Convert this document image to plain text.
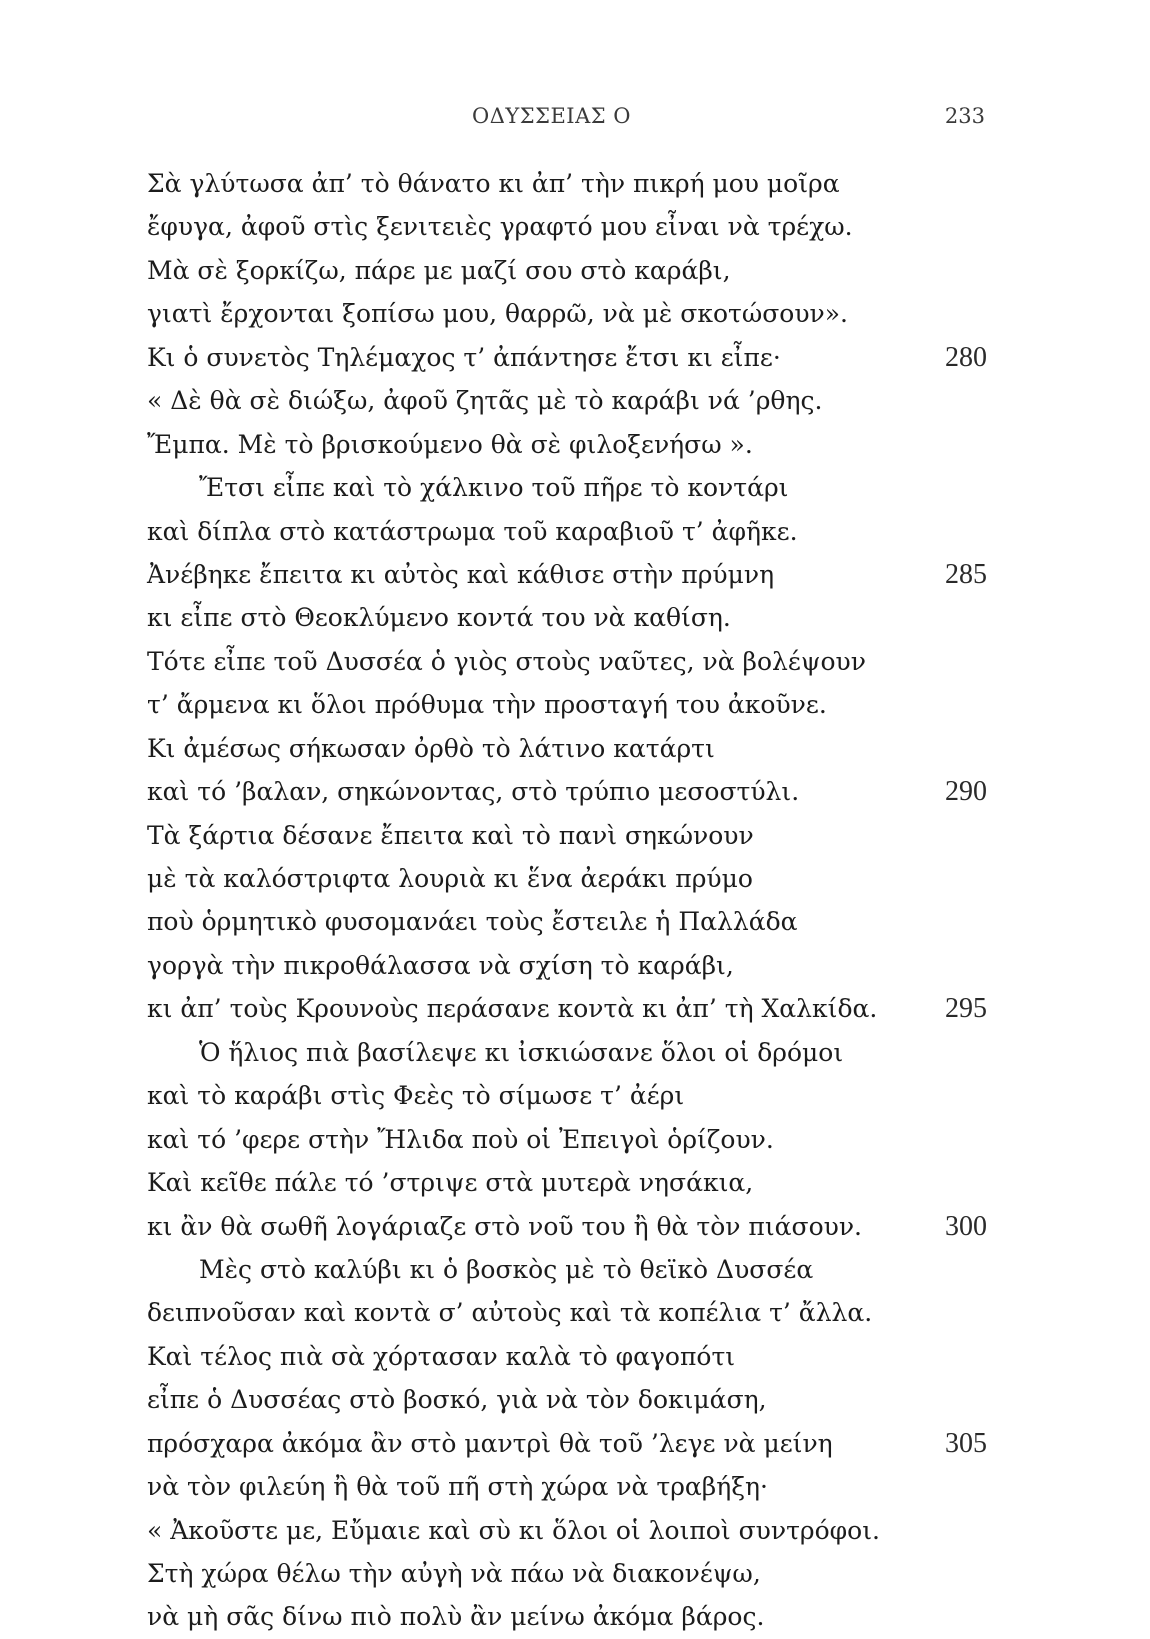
ΟΔΥΣΣΕΙΑΣ Ο	233
Σὰ γλύτωσα ἀπ’ τὸ θάνατο κι ἀπ’ τὴν πικρή μου μοῖρα
ἔφυγα, ἀφοῦ στὶς ξενιτειὲς γραφτό μου εἶναι νὰ τρέχω.
Μὰ σὲ ξορκίζω, πάρε με μαζί σου στὸ καράβι,
γιατὶ ἔρχονται ξοπίσω μου, θαρρῶ, νὰ μὲ σκοτώσουν».
Κι ὁ συνετὸς Τηλέμαχος τ’ ἀπάντησε ἔτσι κι εἶπε·	280
« Δὲ θὰ σὲ διώξω, ἀφοῦ ζητᾶς μὲ τὸ καράβι νά ’ρθης.
Ἔμπα. Μὲ τὸ βρισκούμενο θὰ σὲ φιλοξενήσω ».
Ἔτσι εἶπε καὶ τὸ χάλκινο τοῦ πῆρε τὸ κοντάρι
καὶ δίπλα στὸ κατάστρωμα τοῦ καραβιοῦ τ’ ἀφῆκε.
Ἀνέβηκε ἔπειτα κι αὐτὸς καὶ κάθισε στὴν πρύμνη	285
κι εἶπε στὸ Θεοκλύμενο κοντά του νὰ καθίση.
Τότε εἶπε τοῦ Δυσσέα ὁ γιὸς στοὺς ναῦτες, νὰ βολέψουν
τ’ ἄρμενα κι ὅλοι πρόθυμα τὴν προσταγή του ἀκοῦνε.
Κι ἀμέσως σήκωσαν ὀρθὸ τὸ λάτινο κατάρτι
καὶ τό ’βαλαν, σηκώνοντας, στὸ τρύπιο μεσοστύλι.	290
Τὰ ξάρτια δέσανε ἔπειτα καὶ τὸ πανὶ σηκώνουν
μὲ τὰ καλόστριφτα λουριὰ κι ἕνα ἀεράκι πρύμο
ποὺ ὁρμητικὸ φυσομανάει τοὺς ἔστειλε ἡ Παλλάδα
γοργὰ τὴν πικροθάλασσα νὰ σχίση τὸ καράβι,
κι ἀπ’ τοὺς Κρουνοὺς περάσανε κοντὰ κι ἀπ’ τὴ Χαλκίδα. 295
Ὁ ἥλιος πιὰ βασίλεψε κι ἰσκιώσανε ὅλοι οἱ δρόμοι
καὶ τὸ καράβι στὶς Φεὲς τὸ σίμωσε τ’ ἀέρι
καὶ τό ’φερε στὴν Ἤλιδα ποὺ οἱ Ἐπειγοὶ ὁρίζουν.
Καὶ κεῖθε πάλε τό ’στριψε στὰ μυτερὰ νησάκια,
κι ἂν θὰ σωθῆ λογάριαζε στὸ νοῦ του ἢ θὰ τὸν πιάσουν.	300
Μὲς στὸ καλύβι κι ὁ βοσκὸς μὲ τὸ θεϊκὸ Δυσσέα
δειπνοῦσαν καὶ κοντὰ σ’ αὐτοὺς καὶ τὰ κοπέλια τ’ ἄλλα.
Καὶ τέλος πιὰ σὰ χόρτασαν καλὰ τὸ φαγοπότι
εἶπε ὁ Δυσσέας στὸ βοσκό, γιὰ νὰ τὸν δοκιμάση,
πρόσχαρα ἀκόμα ἂν στὸ μαντρὶ θὰ τοῦ ’λεγε νὰ μείνη	305
νὰ τὸν φιλεύη ἢ θὰ τοῦ πῆ στὴ χώρα νὰ τραβήξη·
« Ἀκοῦστε με, Εὔμαιε καὶ σὺ κι ὅλοι οἱ λοιποὶ συντρόφοι.
Στὴ χώρα θέλω τὴν αὐγὴ νὰ πάω νὰ διακονέψω,
νὰ μὴ σᾶς δίνω πιὸ πολὺ ἂν μείνω ἀκόμα βάρος.
